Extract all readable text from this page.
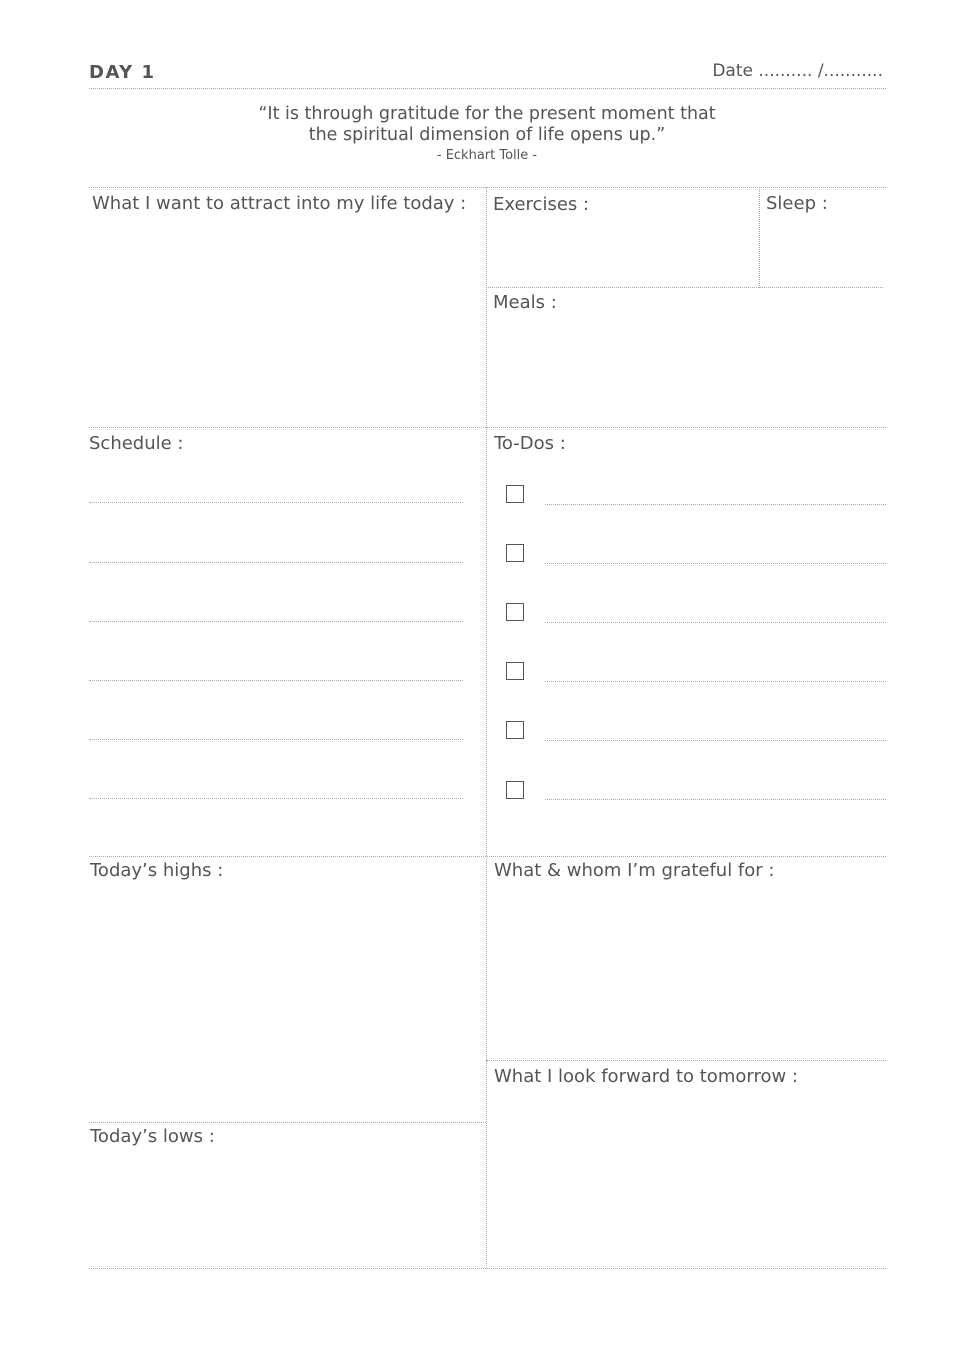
DAY 1	Date .......... /...........
“It is through gratitude for the present moment that
the spiritual dimension of life opens up.”
- Eckhart Tolle -
What I want to attract into my life today : Exercises :	Sleep :
Meals :
Schedule :	To-Dos :
Today’s highs :	What & whom I’m grateful for :
What I look forward to tomorrow :
Today’s lows :
